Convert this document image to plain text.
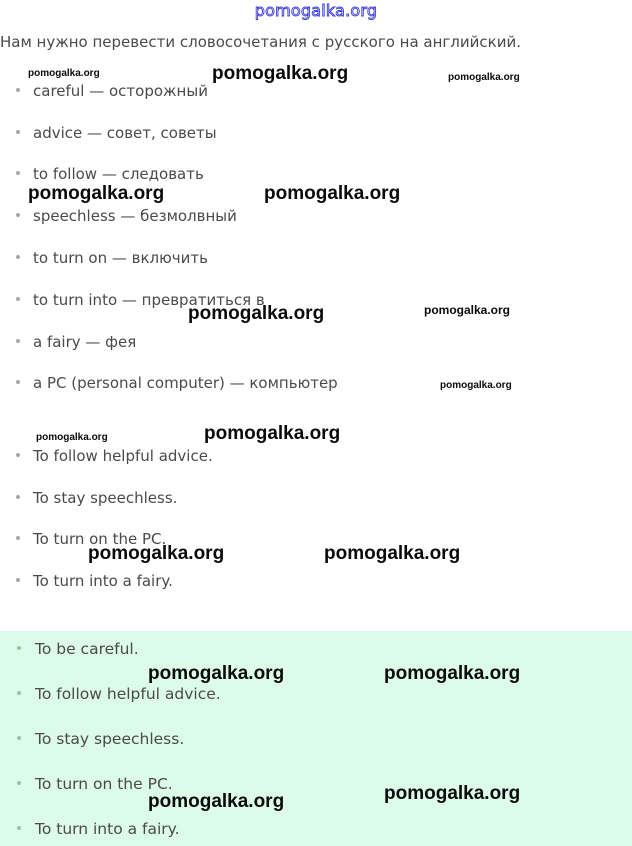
pomogalka.org
Нам нужно перевести словосочетания с русского на английский.
careful — осторожный
advice — совет, советы
to follow — следовать
speechless — безмолвный
to turn on — включить
to turn into — превратиться в
a fairy — фея
a PC (personal computer) — компьютер
To follow helpful advice.
To stay speechless.
To turn on the PC.
To turn into a fairy.
To be careful.
To follow helpful advice.
To stay speechless.
To turn on the PC.
To turn into a fairy.
pomogalka.org	pomogalka.org	pomogalka.org
pomogalka.org	pomogalka.org
pomogalka.org	pomogalka.org
pomogalka.org
pomogalka.org	pomogalka.org
pomogalka.org	pomogalka.org
pomogalka.org	pomogalka.org
pomogalka.org	pomogalka.org
